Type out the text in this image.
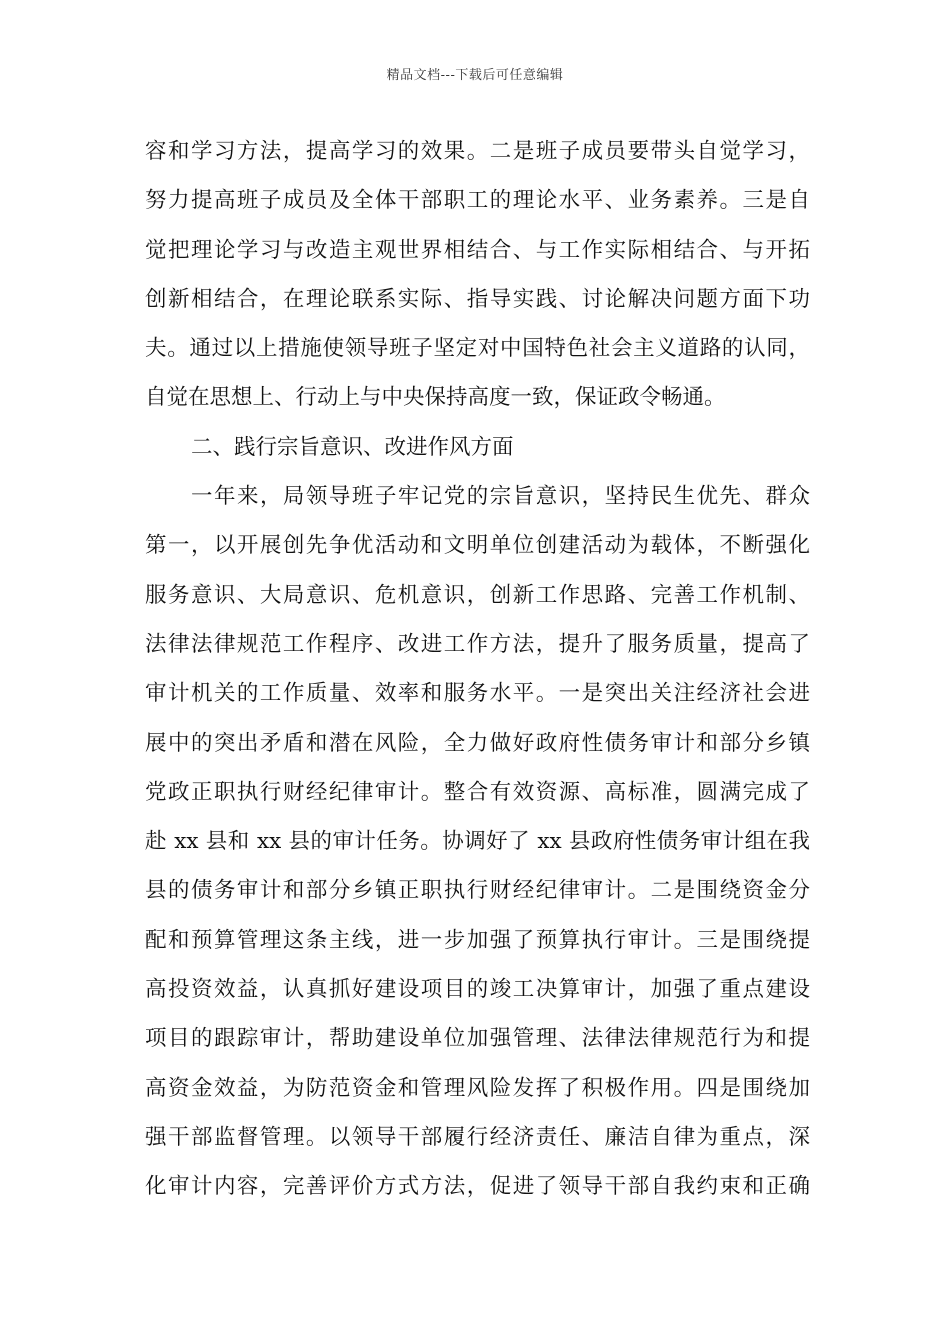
精品文档---下载后可任意编辑
容和学习方法，提高学习的效果。二是班子成员要带头自觉学习，
努力提高班子成员及全体干部职工的理论水平、业务素养。三是自
觉把理论学习与改造主观世界相结合、与工作实际相结合、与开拓
创新相结合，在理论联系实际、指导实践、讨论解决问题方面下功
夫。通过以上措施使领导班子坚定对中国特色社会主义道路的认同，
自觉在思想上、行动上与中央保持高度一致，保证政令畅通。
二、践行宗旨意识、改进作风方面
一年来，局领导班子牢记党的宗旨意识，坚持民生优先、群众
第一，以开展创先争优活动和文明单位创建活动为载体，不断强化
服务意识、大局意识、危机意识，创新工作思路、完善工作机制、
法律法律规范工作程序、改进工作方法，提升了服务质量，提高了
审计机关的工作质量、效率和服务水平。一是突出关注经济社会进
展中的突出矛盾和潜在风险，全力做好政府性债务审计和部分乡镇
党政正职执行财经纪律审计。整合有效资源、高标准，圆满完成了
赴 xx 县和 xx 县的审计任务。协调好了 xx 县政府性债务审计组在我
县的债务审计和部分乡镇正职执行财经纪律审计。二是围绕资金分
配和预算管理这条主线，进一步加强了预算执行审计。三是围绕提
高投资效益，认真抓好建设项目的竣工决算审计，加强了重点建设
项目的跟踪审计，帮助建设单位加强管理、法律法律规范行为和提
高资金效益，为防范资金和管理风险发挥了积极作用。四是围绕加
强干部监督管理。以领导干部履行经济责任、廉洁自律为重点，深
化审计内容，完善评价方式方法，促进了领导干部自我约束和正确
